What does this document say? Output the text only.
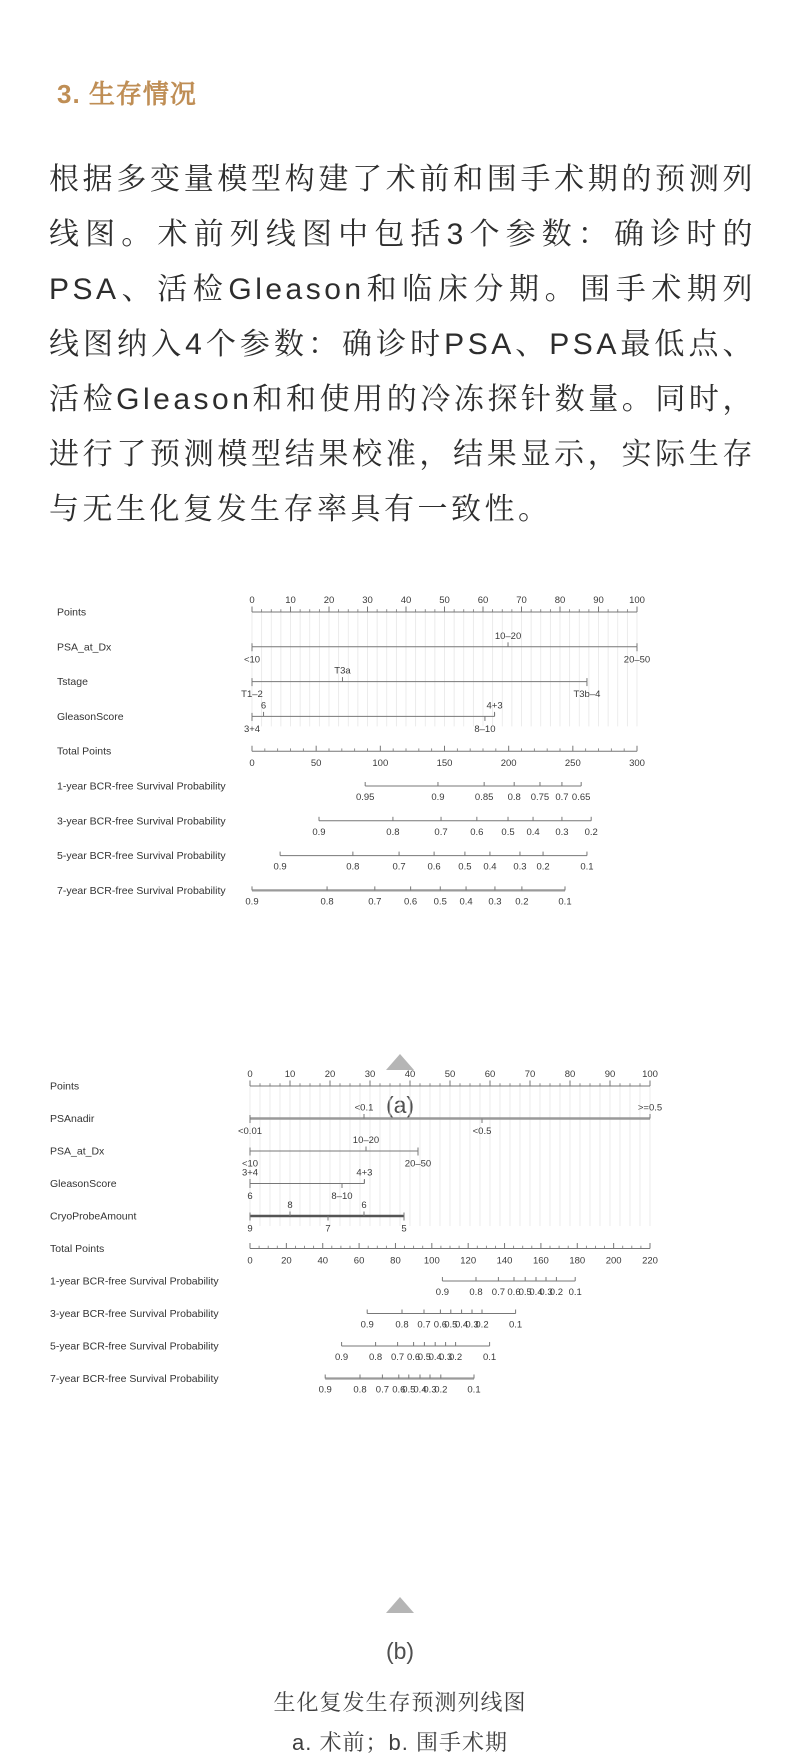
3. 生存情况

根据多变量模型构建了术前和围手术期的预测列线图。术前列线图中包括3个参数：确诊时的PSA、活检Gleason和临床分期。围手术期列线图纳入4个参数：确诊时PSA、PSA最低点、活检Gleason和和使用的冷冻探针数量。同时，进行了预测模型结果校准，结果显示，实际生存与无生化复发生存率具有一致性。

Points
0	10	20	30	40	50	60	70	80	90	100
PSA_at_Dx
<10
10–20
20–50
Tstage
T1–2
T3a
T3b–4
GleasonScore
3+4
6
8–10
4+3
Total Points
0	50	100	150	200	250	300
1-year BCR-free Survival Probability
0.95	0.9	0.85 0.8 0.75 0.7 0.65
3-year BCR-free Survival Probability
0.9	0.8	0.7 0.6 0.5 0.4 0.3 0.2
5-year BCR-free Survival Probability
0.9	0.8	0.7 0.6 0.5 0.4 0.3 0.2	0.1
7-year BCR-free Survival Probability
0.9	0.8	0.7 0.6 0.5 0.4 0.3 0.2	0.1
(a)
Points
0	10	20	30	40	50	60	70	80	90	100
PSAnadir
<0.01
<0.1
<0.5
>=0.5
PSA_at_Dx
<10
10–20
20–50
GleasonScore
3+4
6	8–10
4+3
CryoProbeAmount
9
8
7
6
5
Total Points
0	20	40	60	80 100 120 140 160 180 200 220
1-year BCR-free Survival Probability
0.9 0.8 0.7 0.6
0.5
0.4
0.3
0.2 0.1
3-year BCR-free Survival Probability
0.9 0.8 0.7 0.6
0.5
0.4
0.3
0.2 0.1
5-year BCR-free Survival Probability
0.9 0.8 0.7 0.6
0.5
0.4
0.3
0.2 0.1
7-year BCR-free Survival Probability
0.9 0.8 0.7 0.6
0.5
0.4
0.3
0.2 0.1
(b)
生化复发生存预测列线图
a. 术前；b. 围手术期
